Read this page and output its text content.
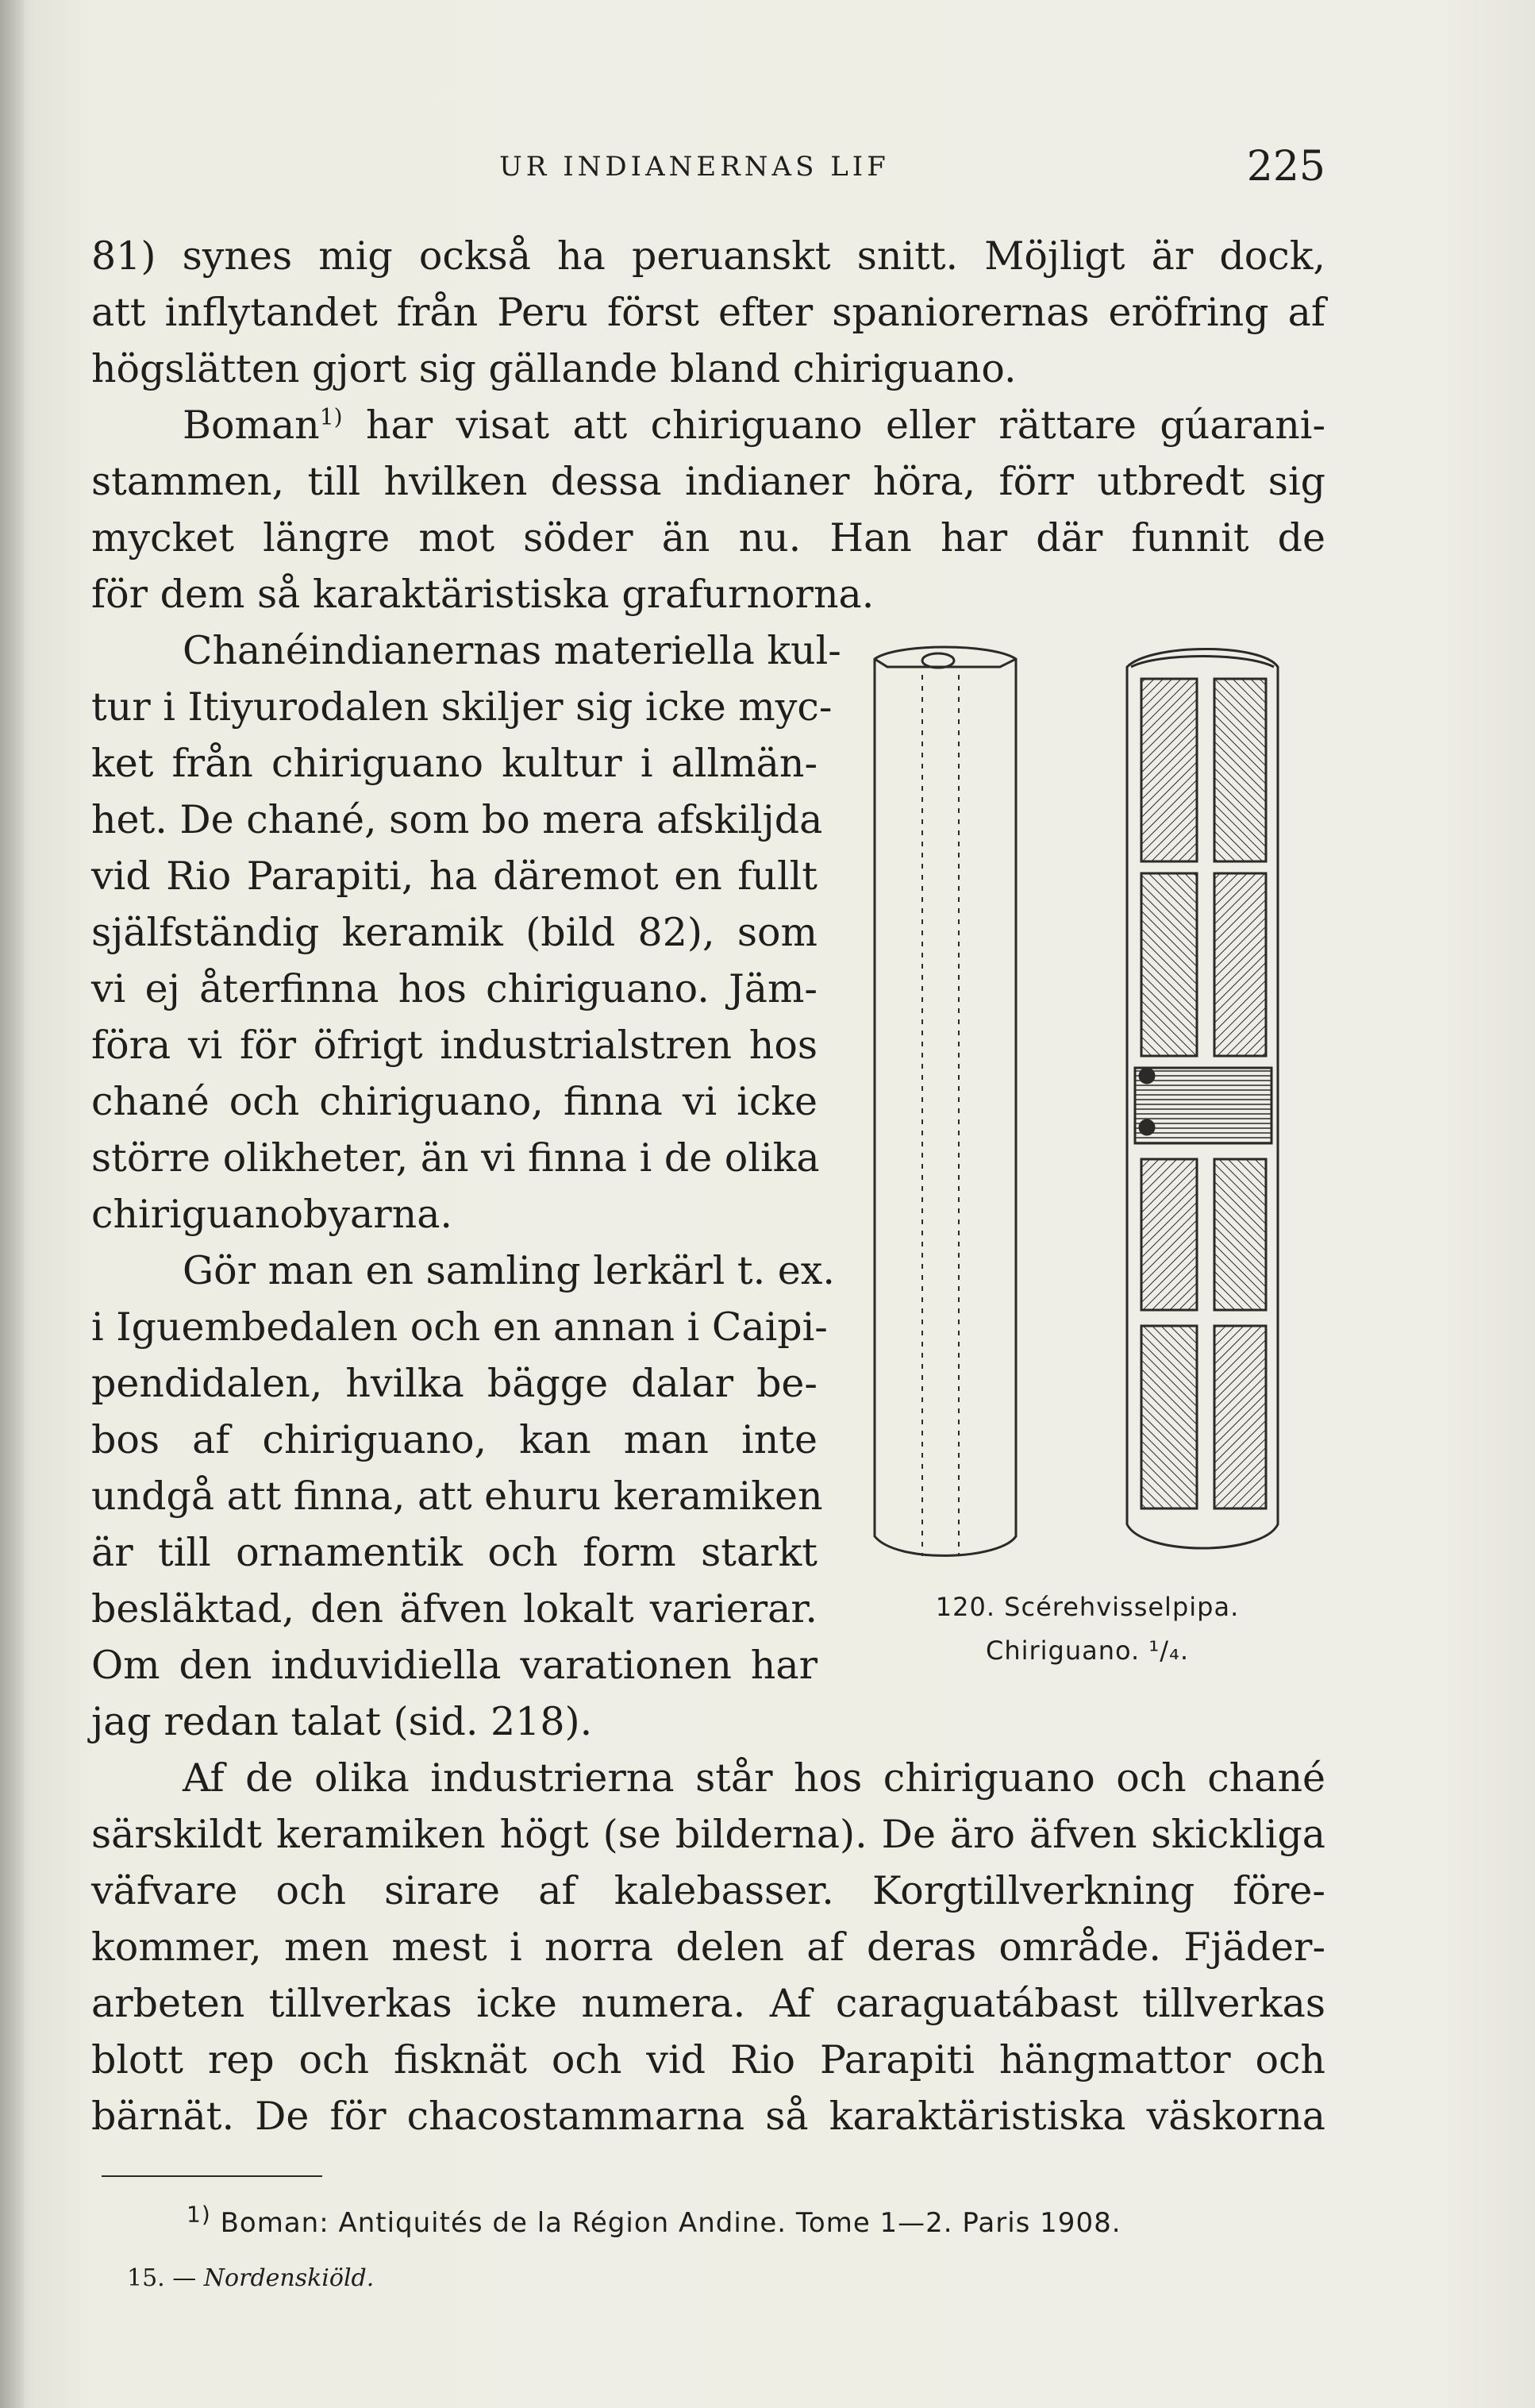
UR INDIANERNAS LIF	225
81) synes mig också ha peruanskt snitt. Möjligt är dock,
att inflytandet från Peru först efter spaniorernas eröfring af
högslätten gjort sig gällande bland chiriguano.
Boman$^{1)}$ har visat att chiriguano eller rättare gúarani-
stammen, till hvilken dessa indianer höra, förr utbredt sig
mycket längre mot söder än nu. Han har där funnit de
för dem så karaktäristiska grafurnorna.
Chanéindianernas materiella kul-
tur i Itiyurodalen skiljer sig icke myc-
ket från chiriguano kultur i allmän-
het. De chané, som bo mera afskiljda
vid Rio Parapiti, ha däremot en fullt
själfständig keramik (bild 82), som
vi ej återfinna hos chiriguano. Jäm-
föra vi för öfrigt industrialstren hos
chané och chiriguano, finna vi icke
större olikheter, än vi finna i de olika
chiriguanobyarna.
Gör man en samling lerkärl t. ex.
i Iguembedalen och en annan i Caipi-
pendidalen, hvilka bägge dalar be-
bos af chiriguano, kan man inte
undgå att finna, att ehuru keramiken
är till ornamentik och form starkt
besläktad, den äfven lokalt varierar.
Om den induvidiella varationen har
jag redan talat (sid. 218).
Af de olika industrierna står hos chiriguano och chané
särskildt keramiken högt (se bilderna). De äro äfven skickliga
väfvare och sirare af kalebasser. Korgtillverkning före-
kommer, men mest i norra delen af deras område. Fjäder-
arbeten tillverkas icke numera. Af caraguatábast tillverkas
blott rep och fisknät och vid Rio Parapiti hängmattor och
bärnät. De för chacostammarna så karaktäristiska väskorna
120. Scérehvisselpipa.
Chiriguano. ¹/₄.
$^{1)}$ Boman: Antiquités de la Région Andine. Tome 1—2. Paris 1908.
15. — Nordenskiöld.
